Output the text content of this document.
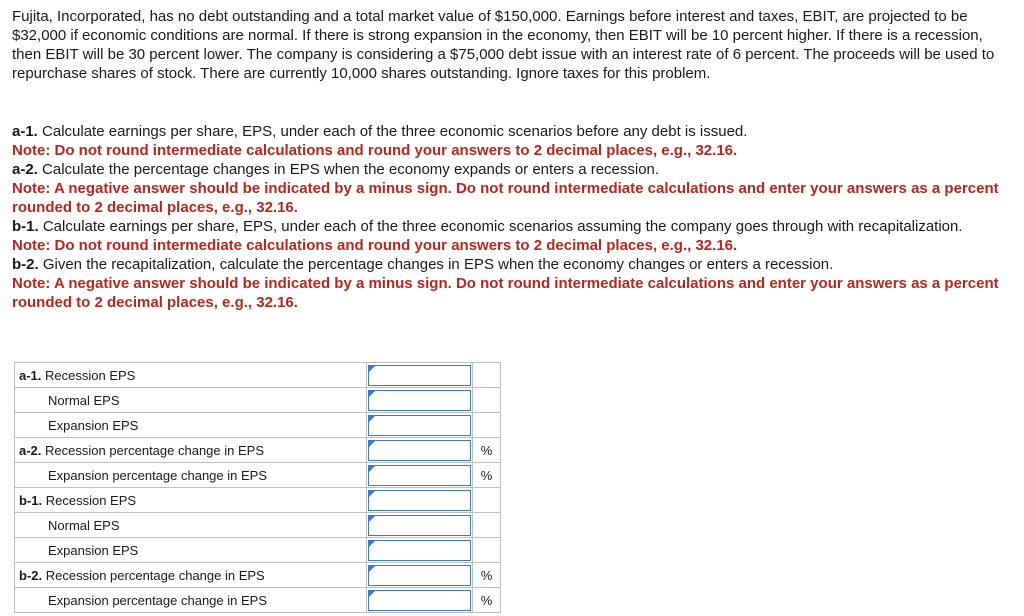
Fujita, Incorporated, has no debt outstanding and a total market value of $150,000. Earnings before interest and taxes, EBIT, are projected to be $32,000 if economic conditions are normal. If there is strong expansion in the economy, then EBIT will be 10 percent higher. If there is a recession, then EBIT will be 30 percent lower. The company is considering a $75,000 debt issue with an interest rate of 6 percent. The proceeds will be used to repurchase shares of stock. There are currently 10,000 shares outstanding. Ignore taxes for this problem.

a-1. Calculate earnings per share, EPS, under each of the three economic scenarios before any debt is issued.

Note: Do not round intermediate calculations and round your answers to 2 decimal places, e.g., 32.16.

a-2. Calculate the percentage changes in EPS when the economy expands or enters a recession.

Note: A negative answer should be indicated by a minus sign. Do not round intermediate calculations and enter your answers as a percent rounded to 2 decimal places, e.g., 32.16.

b-1. Calculate earnings per share, EPS, under each of the three economic scenarios assuming the company goes through with recapitalization.

Note: Do not round intermediate calculations and round your answers to 2 decimal places, e.g., 32.16.

b-2. Given the recapitalization, calculate the percentage changes in EPS when the economy changes or enters a recession.

Note: A negative answer should be indicated by a minus sign. Do not round intermediate calculations and enter your answers as a percent rounded to 2 decimal places, e.g., 32.16.

a-1. Recession EPS	

Normal EPS	

Expansion EPS	

a-2. Recession percentage change in EPS		%
Expansion percentage change in EPS		%
b-1. Recession EPS	

Normal EPS	

Expansion EPS	

b-2. Recession percentage change in EPS		%
Expansion percentage change in EPS		%
